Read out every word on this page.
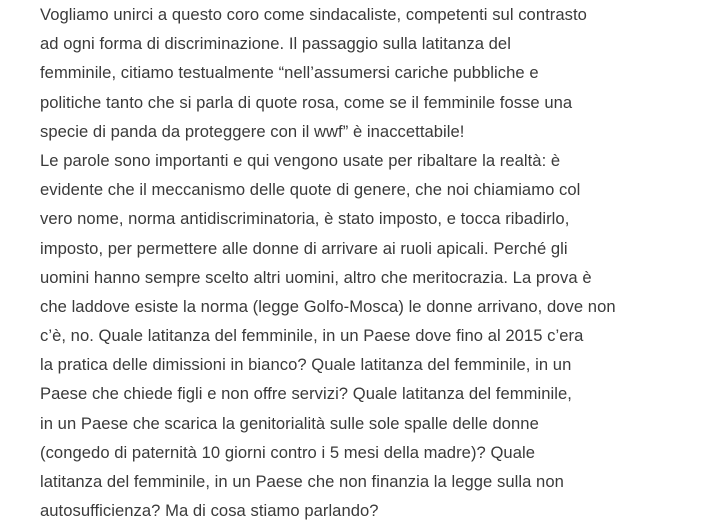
Vogliamo unirci a questo coro come sindacaliste, competenti sul contrasto
ad ogni forma di discriminazione. Il passaggio sulla latitanza del
femminile, citiamo testualmente “nell’assumersi cariche pubbliche e
politiche tanto che si parla di quote rosa, come se il femminile fosse una
specie di panda da proteggere con il wwf” è inaccettabile!

Le parole sono importanti e qui vengono usate per ribaltare la realtà: è
evidente che il meccanismo delle quote di genere, che noi chiamiamo col
vero nome, norma antidiscriminatoria, è stato imposto, e tocca ribadirlo,
imposto, per permettere alle donne di arrivare ai ruoli apicali. Perché gli
uomini hanno sempre scelto altri uomini, altro che meritocrazia. La prova è
che laddove esiste la norma (legge Golfo-Mosca) le donne arrivano, dove non
c’è, no. Quale latitanza del femminile, in un Paese dove fino al 2015 c’era
la pratica delle dimissioni in bianco? Quale latitanza del femminile, in un
Paese che chiede figli e non offre servizi? Quale latitanza del femminile,
in un Paese che scarica la genitorialità sulle sole spalle delle donne
(congedo di paternità 10 giorni contro i 5 mesi della madre)? Quale
latitanza del femminile, in un Paese che non finanzia la legge sulla non
autosufficienza? Ma di cosa stiamo parlando?
